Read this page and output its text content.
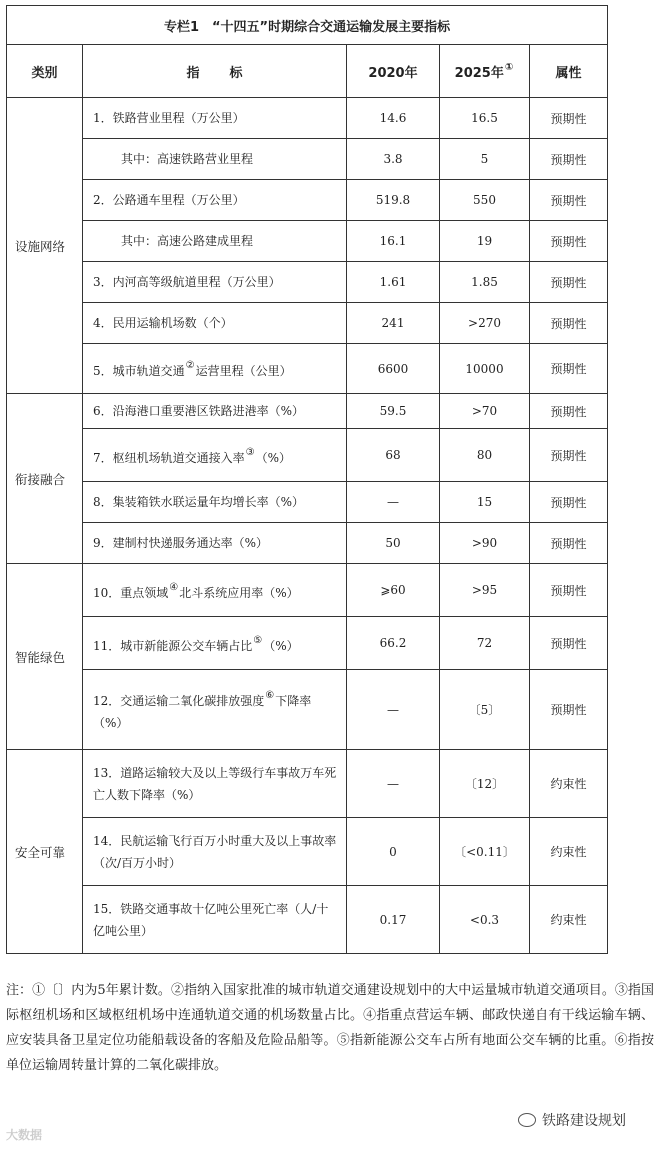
专栏1　“十四五”时期综合交通运输发展主要指标				
类别	指标	2020年	2025年①	属性
设施网络	1．铁路营业里程（万公里）	14.6	16.5	预期性
	其中：高速铁路营业里程	3.8	5	预期性
	2．公路通车里程（万公里）	519.8	550	预期性
	其中：高速公路建成里程	16.1	19	预期性
	3．内河高等级航道里程（万公里）	1.61	1.85	预期性
	4．民用运输机场数（个）	241	>270	预期性
	5．城市轨道交通②运营里程（公里）	6600	10000	预期性
衔接融合	6．沿海港口重要港区铁路进港率（%）	59.5	>70	预期性
	7．枢纽机场轨道交通接入率③（%）	68	80	预期性
	8．集装箱铁水联运量年均增长率（%）	—	15	预期性
	9．建制村快递服务通达率（%）	50	>90	预期性
智能绿色	10．重点领域④北斗系统应用率（%）	⩾60	>95	预期性
	11．城市新能源公交车辆占比⑤（%）	66.2	72	预期性
	12．交通运输二氧化碳排放强度⑥下降率（%）	—	〔5〕	预期性
安全可靠	13．道路运输较大及以上等级行车事故万车死亡人数下降率（%）	—	〔12〕	约束性
	14．民航运输飞行百万小时重大及以上事故率（次/百万小时）	0	〔<0.11〕	约束性
	15．铁路交通事故十亿吨公里死亡率（人/十亿吨公里）	0.17	<0.3	约束性

注：①〔〕内为5年累计数。②指纳入国家批准的城市轨道交通建设规划中的大中运量城市轨道交通项目。③指国际枢纽机场和区域枢纽机场中连通轨道交通的机场数量占比。④指重点营运车辆、邮政快递自有干线运输车辆、应安装具备卫星定位功能船载设备的客船及危险品船等。⑤指新能源公交车占所有地面公交车辆的比重。⑥指按单位运输周转量计算的二氧化碳排放。

大数据
铁路建设规划
